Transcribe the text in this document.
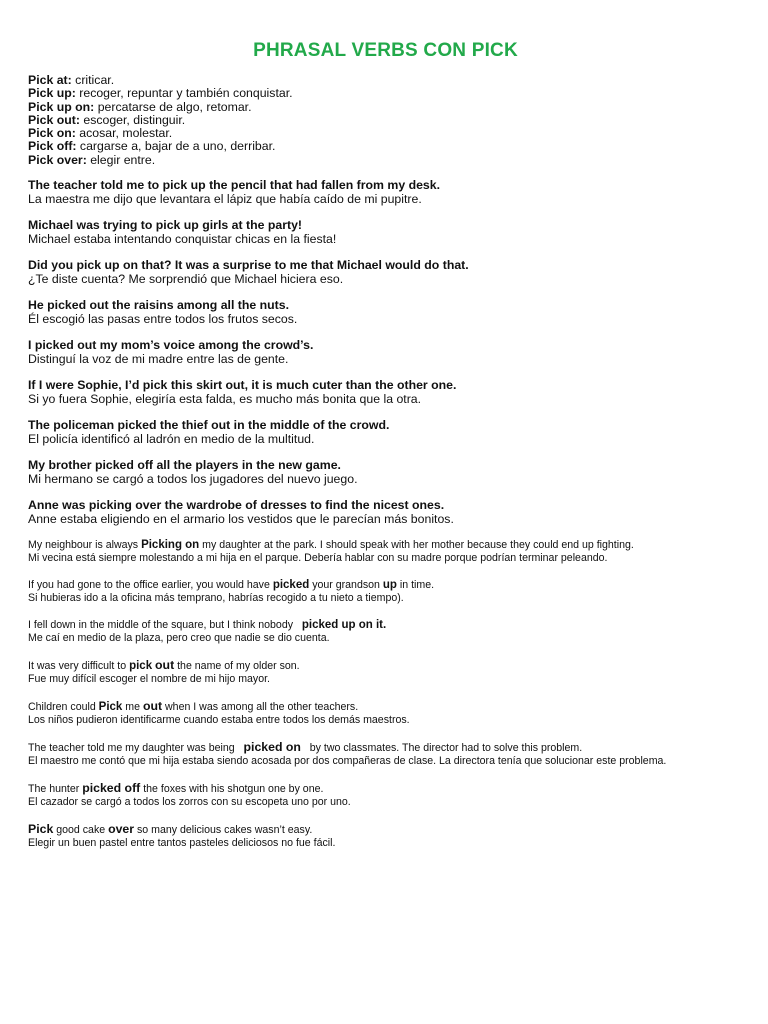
PHRASAL VERBS CON PICK
Pick at: criticar.
Pick up: recoger, repuntar y también conquistar.
Pick up on: percatarse de algo, retomar.
Pick out: escoger, distinguir.
Pick on: acosar, molestar.
Pick off: cargarse a, bajar de a uno, derribar.
Pick over: elegir entre.
The teacher told me to pick up the pencil that had fallen from my desk.
La maestra me dijo que levantara el lápiz que había caído de mi pupitre.
Michael was trying to pick up girls at the party!
Michael estaba intentando conquistar chicas en la fiesta!
Did you pick up on that? It was a surprise to me that Michael would do that.
¿Te diste cuenta? Me sorprendió que Michael hiciera eso.
He picked out the raisins among all the nuts.
Él escogió las pasas entre todos los frutos secos.
I picked out my mom’s voice among the crowd’s.
Distinguí la voz de mi madre entre las de gente.
If I were Sophie, I’d pick this skirt out, it is much cuter than the other one.
Si yo fuera Sophie, elegiría esta falda, es mucho más bonita que la otra.
The policeman picked the thief out in the middle of the crowd.
El policía identificó al ladrón en medio de la multitud.
My brother picked off all the players in the new game.
Mi hermano se cargó a todos los jugadores del nuevo juego.
Anne was picking over the wardrobe of dresses to find the nicest ones.
Anne estaba eligiendo en el armario los vestidos que le parecían más bonitos.
My neighbour is always Picking on my daughter at the park. I should speak with her mother because they could end up fighting.
Mi vecina está siempre molestando a mi hija en el parque. Debería hablar con su madre porque podrían terminar peleando.
If you had gone to the office earlier, you would have picked your grandson up in time.
Si hubieras ido a la oficina más temprano, habrías recogido a tu nieto a tiempo).
I fell down in the middle of the square, but I think nobody   picked up on it.
Me caí en medio de la plaza, pero creo que nadie se dio cuenta.
It was very difficult to pick out the name of my older son.
Fue muy difícil escoger el nombre de mi hijo mayor.
Children could Pick me out when I was among all the other teachers.
Los niños pudieron identificarme cuando estaba entre todos los demás maestros.
The teacher told me my daughter was being   picked on   by two classmates. The director had to solve this problem.
El maestro me contó que mi hija estaba siendo acosada por dos compañeras de clase. La directora tenía que solucionar este problema.
The hunter picked off the foxes with his shotgun one by one.
El cazador se cargó a todos los zorros con su escopeta uno por uno.
Pick good cake over so many delicious cakes wasn’t easy.
Elegir un buen pastel entre tantos pasteles deliciosos no fue fácil.
